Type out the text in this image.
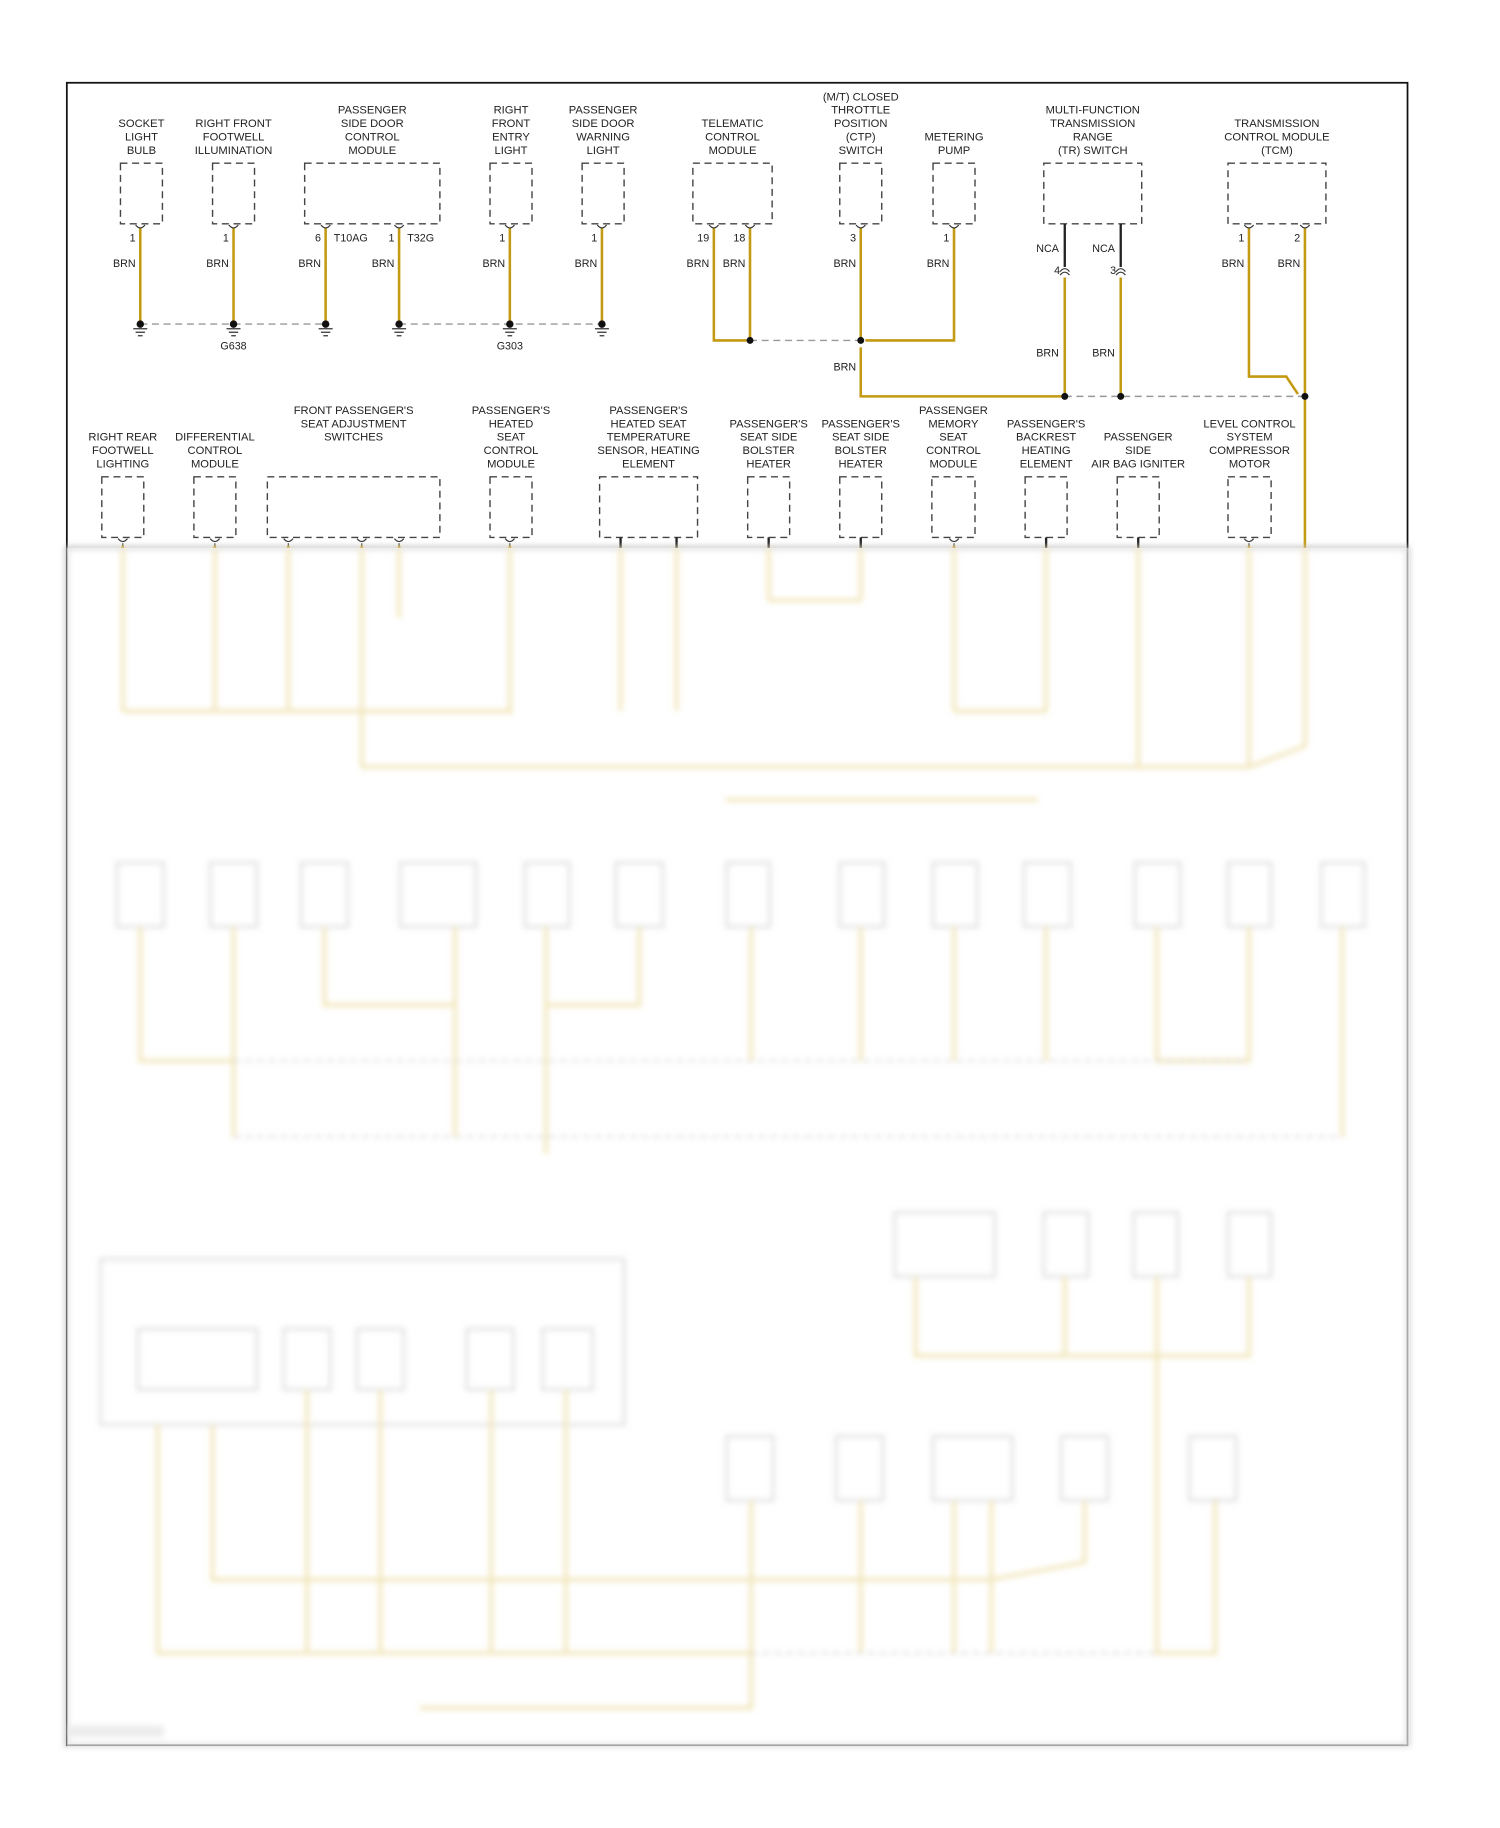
SOCKET
LIGHT
BULB
1
BRN
RIGHT FRONT
FOOTWELL
ILLUMINATION
1
BRN
PASSENGER
SIDE DOOR
CONTROL
MODULE
6
BRN
1
BRN
T10AG	T32G
RIGHT
FRONT
ENTRY
LIGHT
1
BRN
PASSENGER
SIDE DOOR
WARNING
LIGHT
1
BRN
TELEMATIC
CONTROL
MODULE
19
BRN
18
BRN
(M/T) CLOSED
THROTTLE
POSITION
(CTP)
SWITCH
3
BRN
METERING
PUMP
1
BRN
MULTI-FUNCTION
TRANSMISSION
RANGE
(TR) SWITCH
4
NCA
BRN
3
NCA
BRN
TRANSMISSION
CONTROL MODULE
(TCM)
1
BRN
2
BRN
G638	G303
BRN
RIGHT REAR
FOOTWELL
LIGHTING
DIFFERENTIAL
CONTROL
MODULE
FRONT PASSENGER'S
SEAT ADJUSTMENT
SWITCHES
PASSENGER'S
HEATED
SEAT
CONTROL
MODULE
PASSENGER'S
HEATED SEAT
TEMPERATURE
SENSOR, HEATING
ELEMENT
PASSENGER'S
SEAT SIDE
BOLSTER
HEATER
PASSENGER'S
SEAT SIDE
BOLSTER
HEATER
PASSENGER
MEMORY
SEAT
CONTROL
MODULE
PASSENGER'S
BACKREST
HEATING
ELEMENT
PASSENGER
SIDE
AIR BAG IGNITER
LEVEL CONTROL
SYSTEM
COMPRESSOR
MOTOR
